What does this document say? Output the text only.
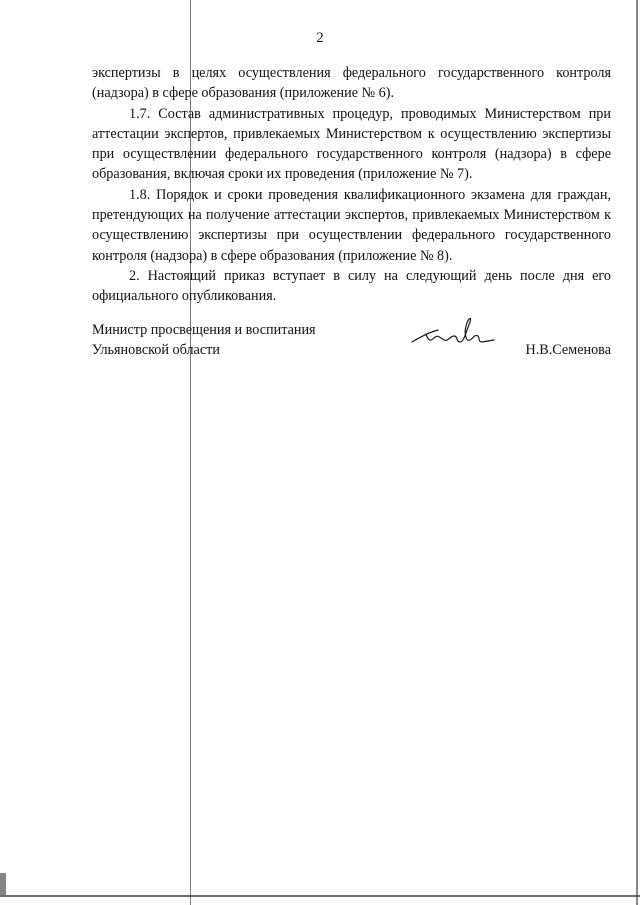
2

экспертизы в целях осуществления федерального государственного контроля (надзора) в сфере образования (приложение № 6).

1.7. Состав административных процедур, проводимых Министерством при аттестации экспертов, привлекаемых Министерством к осуществлению экспертизы при осуществлении федерального государственного контроля (надзора) в сфере образования, включая сроки их проведения (приложение № 7).

1.8. Порядок и сроки проведения квалификационного экзамена для граждан, претендующих на получение аттестации экспертов, привлекаемых Министерством к осуществлению экспертизы при осуществлении федерального государственного контроля (надзора) в сфере образования (приложение № 8).

2. Настоящий приказ вступает в силу на следующий день после дня его официального опубликования.

Министр просвещения и воспитания
Ульяновской области	Н.В.Семенова
